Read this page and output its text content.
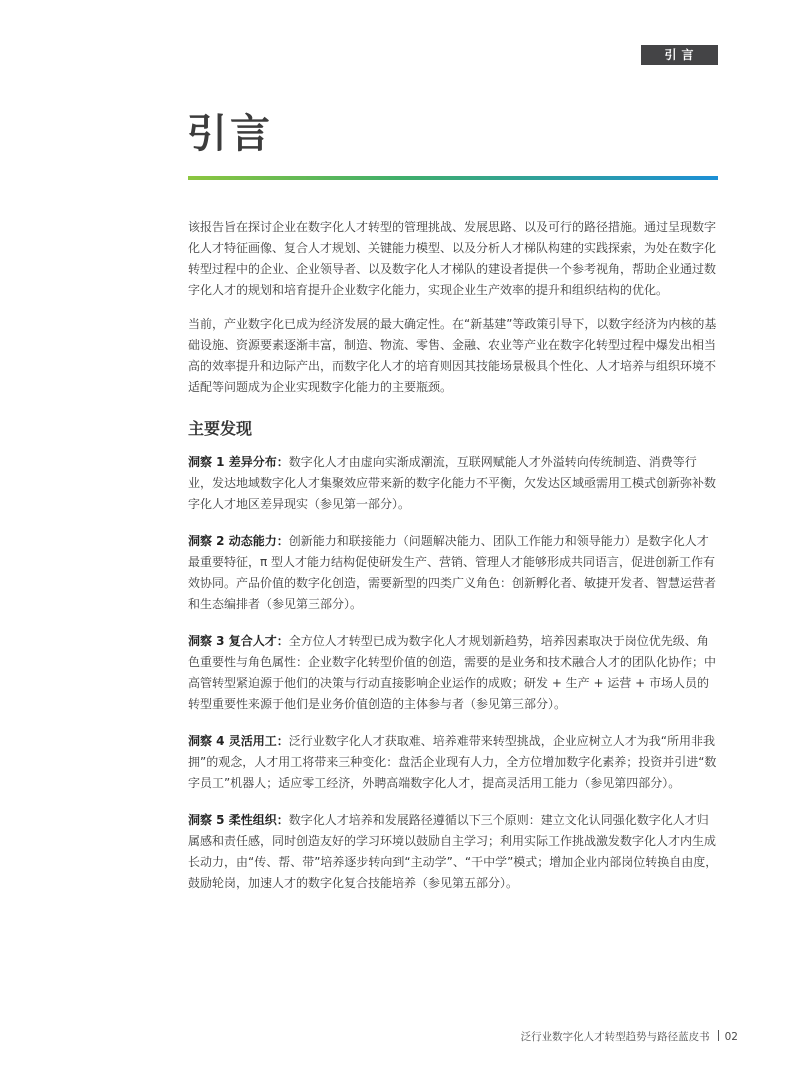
引言
引言

该报告旨在探讨企业在数字化人才转型的管理挑战、发展思路、以及可行的路径措施。通过呈现数字化人才特征画像、复合人才规划、关键能力模型、以及分析人才梯队构建的实践探索，为处在数字化转型过程中的企业、企业领导者、以及数字化人才梯队的建设者提供一个参考视角，帮助企业通过数字化人才的规划和培育提升企业数字化能力，实现企业生产效率的提升和组织结构的优化。

当前，产业数字化已成为经济发展的最大确定性。在“新基建”等政策引导下，以数字经济为内核的基础设施、资源要素逐渐丰富，制造、物流、零售、金融、农业等产业在数字化转型过程中爆发出相当高的效率提升和边际产出，而数字化人才的培育则因其技能场景极具个性化、人才培养与组织环境不适配等问题成为企业实现数字化能力的主要瓶颈。

主要发现

洞察 1 差异分布：数字化人才由虚向实渐成潮流，互联网赋能人才外溢转向传统制造、消费等行业，发达地域数字化人才集聚效应带来新的数字化能力不平衡，欠发达区域亟需用工模式创新弥补数字化人才地区差异现实（参见第一部分）。

洞察 2 动态能力：创新能力和联接能力（问题解决能力、团队工作能力和领导能力）是数字化人才最重要特征，π 型人才能力结构促使研发生产、营销、管理人才能够形成共同语言，促进创新工作有效协同。产品价值的数字化创造，需要新型的四类广义角色：创新孵化者、敏捷开发者、智慧运营者和生态编排者（参见第三部分）。

洞察 3 复合人才：全方位人才转型已成为数字化人才规划新趋势，培养因素取决于岗位优先级、角色重要性与角色属性：企业数字化转型价值的创造，需要的是业务和技术融合人才的团队化协作；中高管转型紧迫源于他们的决策与行动直接影响企业运作的成败；研发 + 生产 + 运营 + 市场人员的转型重要性来源于他们是业务价值创造的主体参与者（参见第三部分）。

洞察 4 灵活用工：泛行业数字化人才获取难、培养难带来转型挑战，企业应树立人才为我“所用非我拥”的观念，人才用工将带来三种变化：盘活企业现有人力，全方位增加数字化素养；投资并引进“数字员工”机器人；适应零工经济，外聘高端数字化人才，提高灵活用工能力（参见第四部分）。

洞察 5 柔性组织：数字化人才培养和发展路径遵循以下三个原则：建立文化认同强化数字化人才归属感和责任感，同时创造友好的学习环境以鼓励自主学习；利用实际工作挑战激发数字化人才内生成长动力，由“传、帮、带”培养逐步转向到“主动学”、“干中学”模式；增加企业内部岗位转换自由度，鼓励轮岗，加速人才的数字化复合技能培养（参见第五部分）。

泛行业数字化人才转型趋势与路径蓝皮书 02
